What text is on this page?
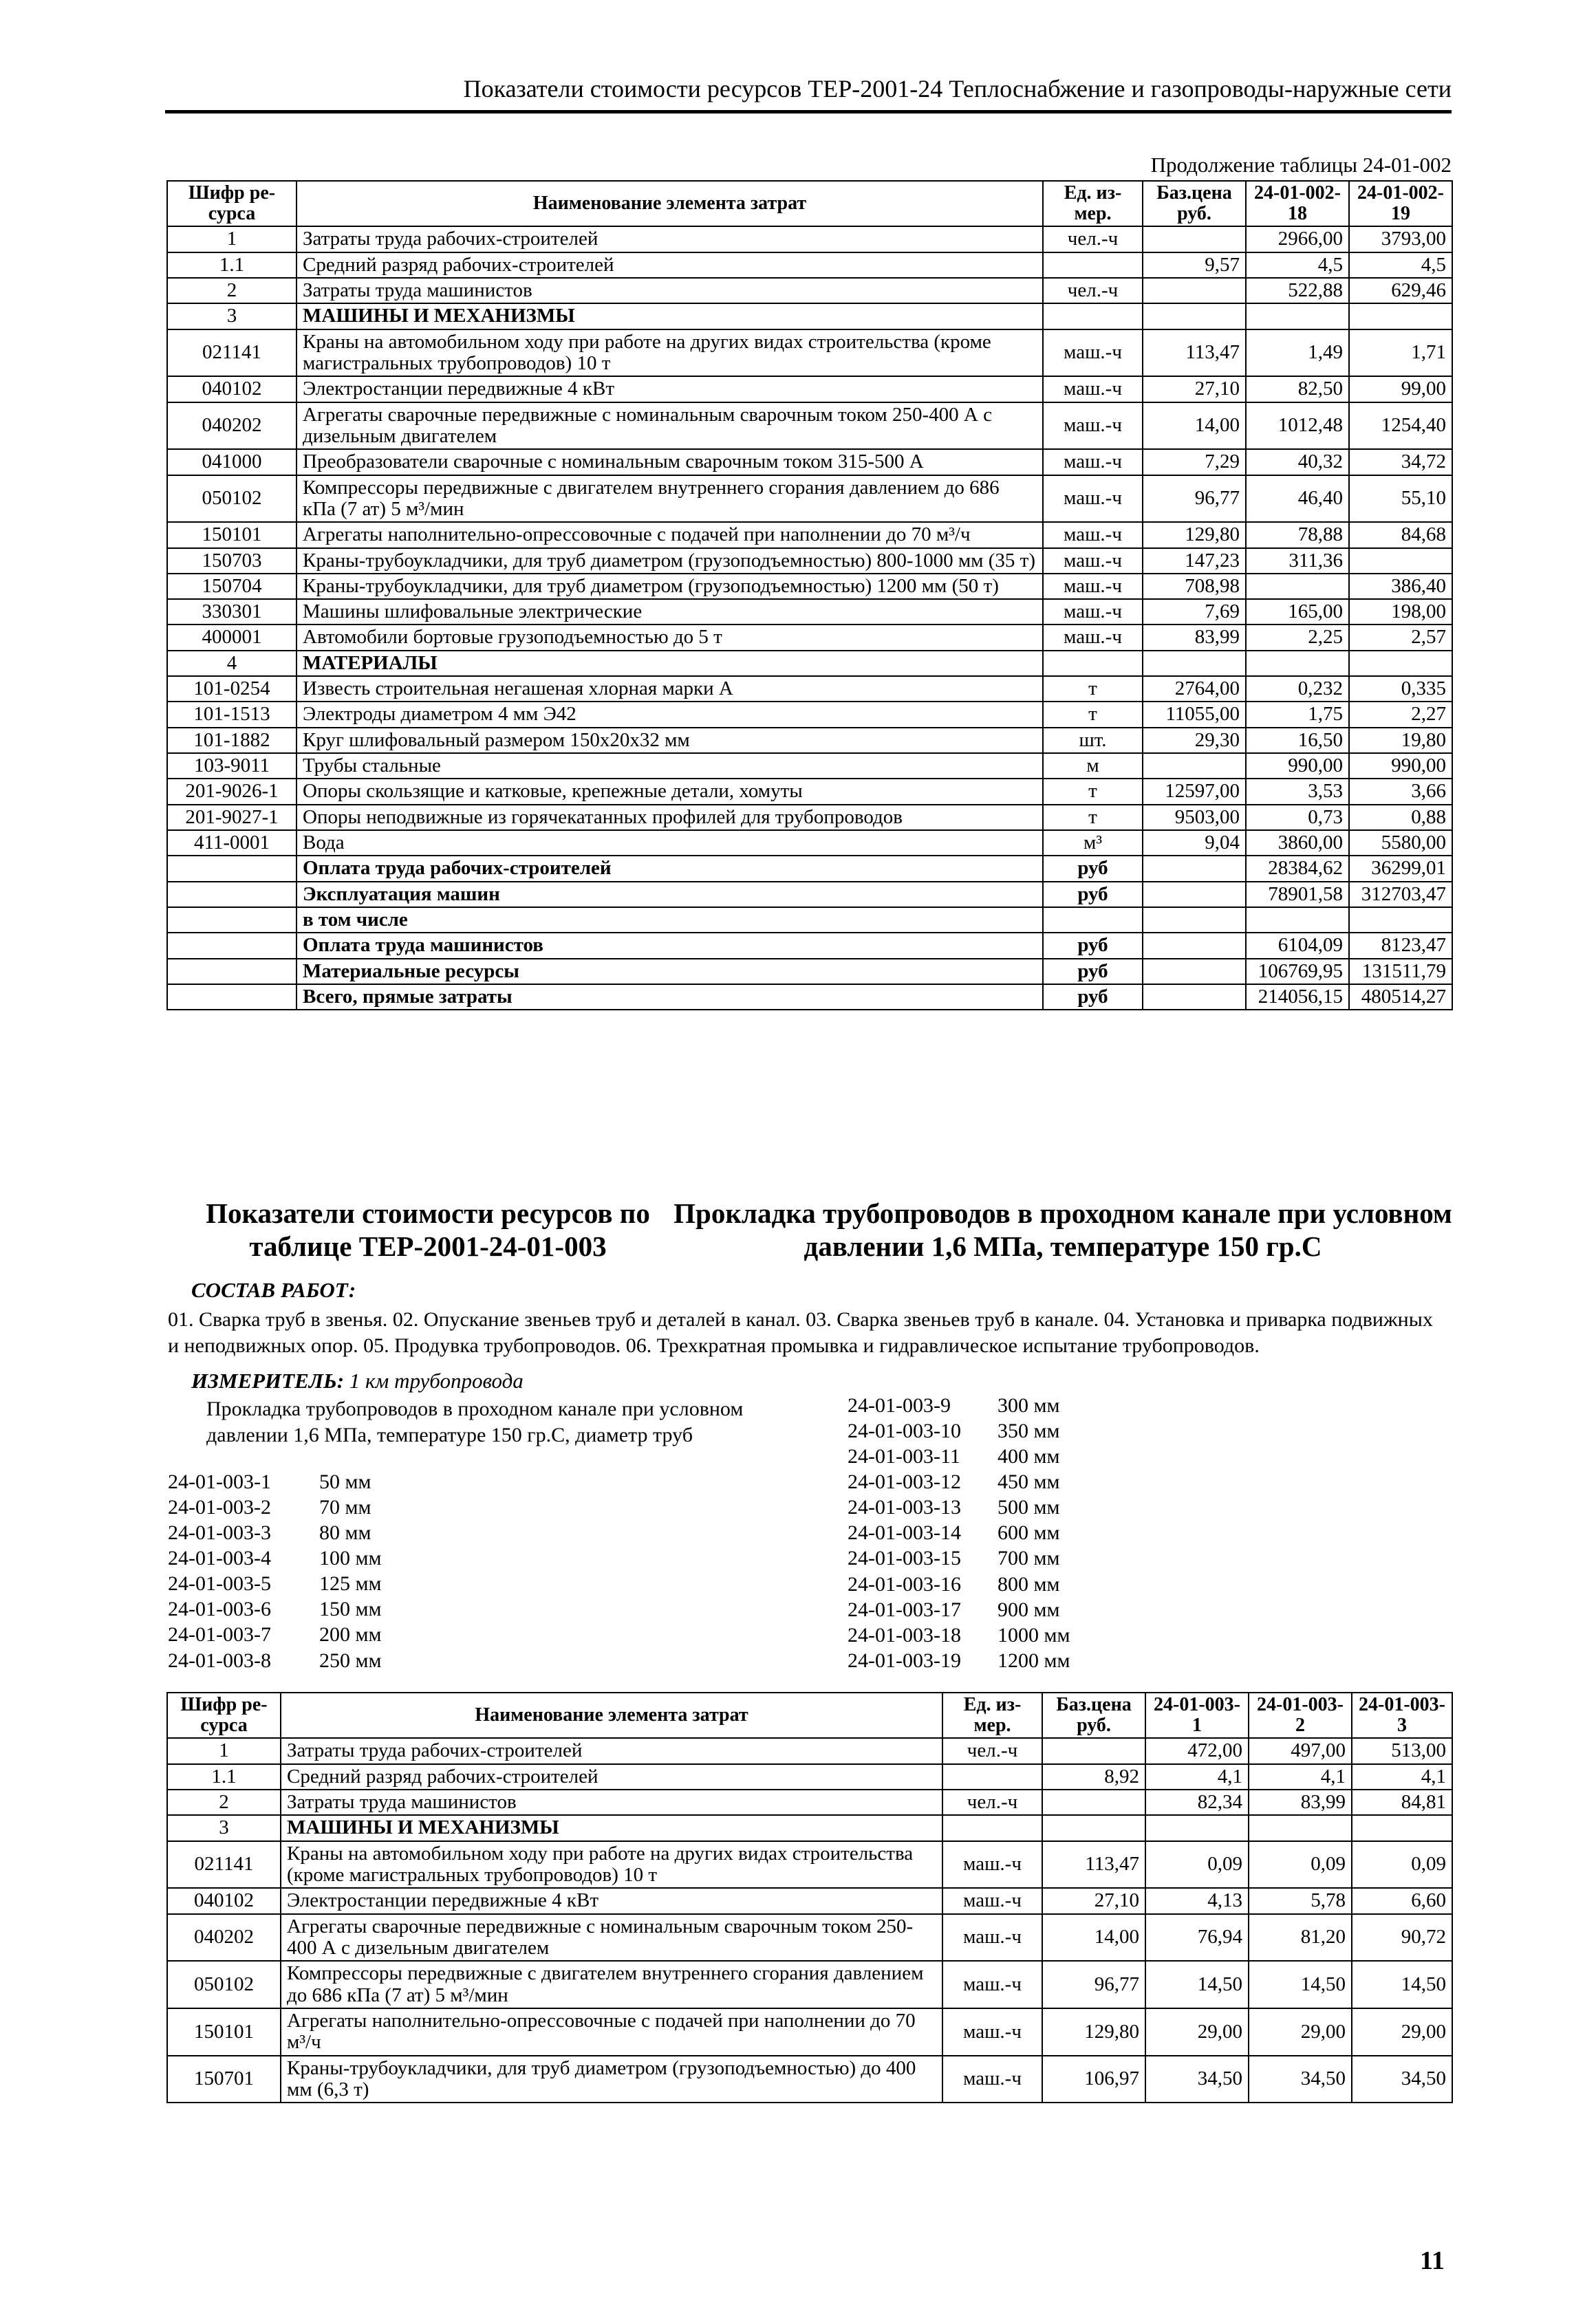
Показатели стоимости ресурсов ТЕР-2001-24 Теплоснабжение и газопроводы-наружные сети
Продолжение таблицы 24-01-002
Шифр ре-сурса	Наименование элемента затрат	Ед. из-мер.	Баз.цена руб.	24-01-002-18	24-01-002-19
1	Затраты труда рабочих-строителей	чел.-ч		2966,00	3793,00
1.1	Средний разряд рабочих-строителей		9,57	4,5	4,5
2	Затраты труда машинистов	чел.-ч		522,88	629,46
3	МАШИНЫ И МЕХАНИЗМЫ				
021141	Краны на автомобильном ходу при работе на других видах строительства (кроме магистральных трубопроводов) 10 т	маш.-ч	113,47	1,49	1,71
040102	Электростанции передвижные 4 кВт	маш.-ч	27,10	82,50	99,00
040202	Агрегаты сварочные передвижные с номинальным сварочным током 250-400 А с дизельным двигателем	маш.-ч	14,00	1012,48	1254,40
041000	Преобразователи сварочные с номинальным сварочным током 315-500 А	маш.-ч	7,29	40,32	34,72
050102	Компрессоры передвижные с двигателем внутреннего сгорания давлением до 686 кПа (7 ат) 5 м³/мин	маш.-ч	96,77	46,40	55,10
150101	Агрегаты наполнительно-опрессовочные с подачей при наполнении до 70 м³/ч	маш.-ч	129,80	78,88	84,68
150703	Краны-трубоукладчики, для труб диаметром (грузоподъемностью) 800-1000 мм (35 т)	маш.-ч	147,23	311,36	
150704	Краны-трубоукладчики, для труб диаметром (грузоподъемностью) 1200 мм (50 т)	маш.-ч	708,98		386,40
330301	Машины шлифовальные электрические	маш.-ч	7,69	165,00	198,00
400001	Автомобили бортовые грузоподъемностью до 5 т	маш.-ч	83,99	2,25	2,57
4	МАТЕРИАЛЫ				
101-0254	Известь строительная негашеная хлорная марки А	т	2764,00	0,232	0,335
101-1513	Электроды диаметром 4 мм Э42	т	11055,00	1,75	2,27
101-1882	Круг шлифовальный размером 150х20х32 мм	шт.	29,30	16,50	19,80
103-9011	Трубы стальные	м		990,00	990,00
201-9026-1	Опоры скользящие и катковые, крепежные детали, хомуты	т	12597,00	3,53	3,66
201-9027-1	Опоры неподвижные из горячекатанных профилей для трубопроводов	т	9503,00	0,73	0,88
411-0001	Вода	м³	9,04	3860,00	5580,00
	Оплата труда рабочих-строителей	руб		28384,62	36299,01
	Эксплуатация машин	руб		78901,58	312703,47
	в том числе				
	Оплата труда машинистов	руб		6104,09	8123,47
	Материальные ресурсы	руб		106769,95	131511,79
	Всего, прямые затраты	руб		214056,15	480514,27
Показатели стоимости ресурсов по таблице ТЕР-2001-24-01-003
Прокладка трубопроводов в проходном канале при условном давлении 1,6 МПа, температуре 150 гр.С
СОСТАВ РАБОТ:
01. Сварка труб в звенья. 02. Опускание звеньев труб и деталей в канал. 03. Сварка звеньев труб в канале. 04. Установка и приварка подвижных и неподвижных опор. 05. Продувка трубопроводов. 06. Трехкратная промывка и гидравлическое испытание трубопроводов.
ИЗМЕРИТЕЛЬ: 1 км трубопровода
Прокладка трубопроводов в проходном канале при условном давлении 1,6 МПа, температуре 150 гр.С, диаметр труб
24-01-003-1	50 мм
24-01-003-2	70 мм
24-01-003-3	80 мм
24-01-003-4	100 мм
24-01-003-5	125 мм
24-01-003-6	150 мм
24-01-003-7	200 мм
24-01-003-8	250 мм
24-01-003-9	300 мм
24-01-003-10	350 мм
24-01-003-11	400 мм
24-01-003-12	450 мм
24-01-003-13	500 мм
24-01-003-14	600 мм
24-01-003-15	700 мм
24-01-003-16	800 мм
24-01-003-17	900 мм
24-01-003-18	1000 мм
24-01-003-19	1200 мм
Шифр ре-сурса	Наименование элемента затрат	Ед. из-мер.	Баз.цена руб.	24-01-003-1	24-01-003-2	24-01-003-3
1	Затраты труда рабочих-строителей	чел.-ч		472,00	497,00	513,00
1.1	Средний разряд рабочих-строителей		8,92	4,1	4,1	4,1
2	Затраты труда машинистов	чел.-ч		82,34	83,99	84,81
3	МАШИНЫ И МЕХАНИЗМЫ					
021141	Краны на автомобильном ходу при работе на других видах строительства (кроме магистральных трубопроводов) 10 т	маш.-ч	113,47	0,09	0,09	0,09
040102	Электростанции передвижные 4 кВт	маш.-ч	27,10	4,13	5,78	6,60
040202	Агрегаты сварочные передвижные с номинальным сварочным током 250-400 А с дизельным двигателем	маш.-ч	14,00	76,94	81,20	90,72
050102	Компрессоры передвижные с двигателем внутреннего сгорания давлением до 686 кПа (7 ат) 5 м³/мин	маш.-ч	96,77	14,50	14,50	14,50
150101	Агрегаты наполнительно-опрессовочные с подачей при наполнении до 70 м³/ч	маш.-ч	129,80	29,00	29,00	29,00
150701	Краны-трубоукладчики, для труб диаметром (грузоподъемностью) до 400 мм (6,3 т)	маш.-ч	106,97	34,50	34,50	34,50
11
